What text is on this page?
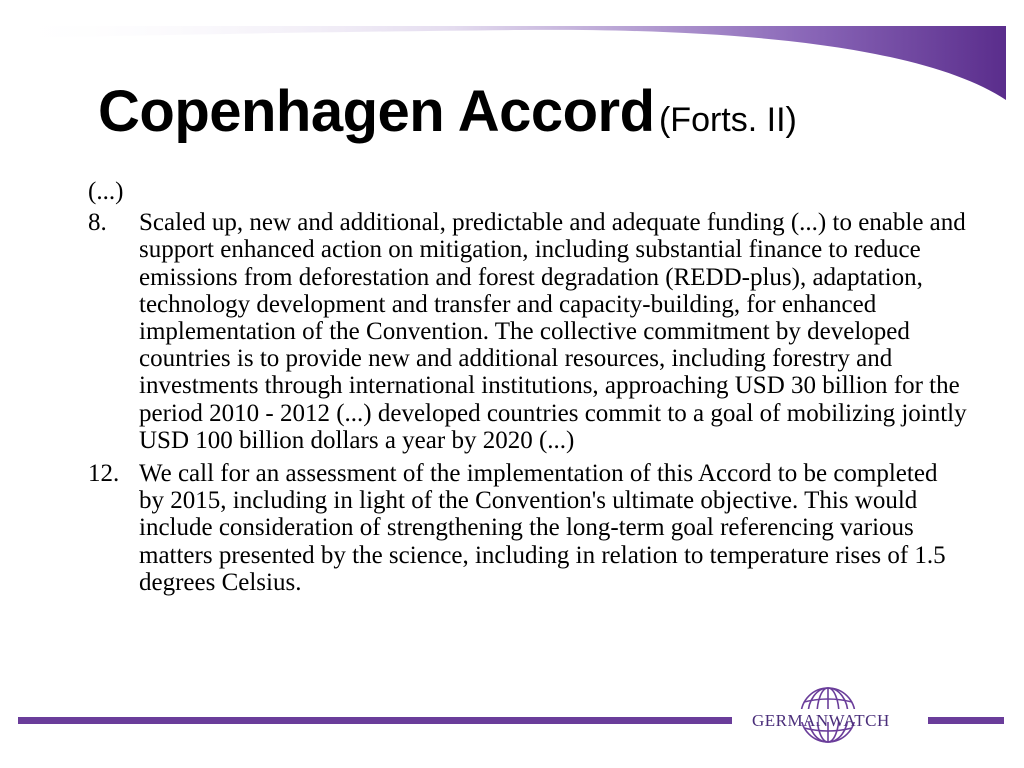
Copenhagen Accord (Forts. II)
(...)
8.	Scaled up, new and additional, predictable and adequate funding (...) to enable and support enhanced action on mitigation, including substantial finance to reduce emissions from deforestation and forest degradation (REDD-plus), adaptation, technology development and transfer and capacity-building, for enhanced implementation of the Convention. The collective commitment by developed countries is to provide new and additional resources, including forestry and investments through international institutions, approaching USD 30 billion for the period 2010 - 2012 (...) developed countries commit to a goal of mobilizing jointly USD 100 billion dollars a year by 2020 (...)
12. We call for an assessment of the implementation of this Accord to be completed by 2015, including in light of the Convention's ultimate objective. This would include consideration of strengthening the long-term goal referencing various matters presented by the science, including in relation to temperature rises of 1.5 degrees Celsius.
GERMANWATCH
